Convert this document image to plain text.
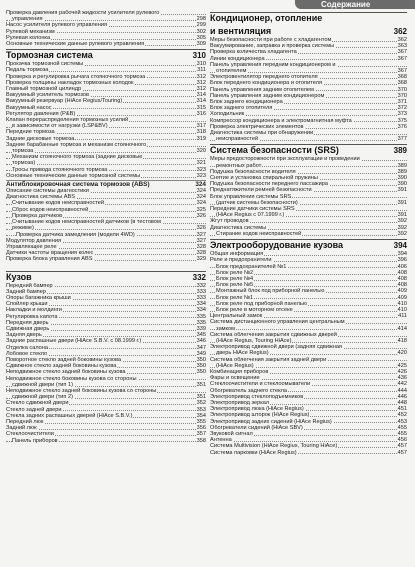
Содержание
Проверка давления рабочей жидкости усилителя рулевого
управления	298
Насос усилителя рулевого управления	299
Рулевой механизм	302
Рулевая колонка	305
Основные технические данные рулевого управления	309
Тормозная система	310
Прокачка тормозной системы	310
Педаль тормоза	311
Проверка и регулировка рычага стояночного тормоза	312
Проверка толщины накладок тормозных колодок	312
Главный тормозной цилиндр	312
Вакуумный усилитель тормозов	314
Вакуумный резервуар (HiAce Regius/Touring)	314
Вакуумный насос	315
Регулятор давления (P&B)	316
Клапан перераспределения тормозных усилий
в зависимости от нагрузки (LSP&BV)	317
Передние тормоза	318
Задние дисковые тормоза	319
Задние барабанные тормоза и механизм стояночного
тормоза	320
Механизм стояночного тормоза (задние дисковые
тормоза)	321
Тросы привода стояночного тормоза	323
Основные технические данные тормозной системы	323
Антиблокировочная система тормозов (ABS)	324
Описание системы диагностики	324
Диагностика системы ABS	324
Считывание кодов неисправностей	324
Сброс кодов неисправностей	325
Проверка датчиков	326
Считывание кодов неисправностей датчиков (в тестовом
режиме)	326
Проверка датчика замедления (модели 4WD)	327
Модулятор давления	327
Управляющее реле	328
Датчики частоты вращения колес	328
Проверка блока управления ABS	329
Кузов	332
Передний бампер	332
Задний бампер	333
Опоры багажника крыши	333
Спойлер крыши	334
Накладки и молдинги	334
Регулировка капота	335
Передняя дверь	335
Сдвижная дверь	339
Задняя дверь	345
Задние распашные двери (HiAce S.B.V. с 08.1999 г.)	346
Отделка салона	347
Лобовое стекло	349
Поворотное стекло задней боковины кузова	350
Сдвижное стекло задней боковины кузова	350
Неподвижное стекло задней боковины кузова	350
Неподвижное стекло боковины кузова со стороны
сдвижной двери (тип 1)	351
Неподвижное стекло задней боковины кузова со стороны
сдвижной двери (тип 2)	351
Стекло сдвижной двери	352
Стекло задней двери	353
Стекла задних распашных дверей (HiAce S.B.V.)	354
Передний люк	355
Задний люк	356
Стеклоочистители	357
Панель приборов	358
Кондиционер, отопление
и вентиляция	362
Меры безопасности при работе с хладагентом	362
Вакуумирование, заправка и проверка системы	363
Проверка количества хладагента	367
Линии кондиционера	367
Панель управления передним кондиционером и
отопителем	367
Электровентилятор переднего отопителя	368
Блок переднего кондиционера и отопителя	368
Панель управления задним отопителем	370
Панель управления задним кондиционером	370
Блок заднего кондиционера	371
Блок заднего отопителя	372
Холодильник	373
Компрессор кондиционера и электромагнитная муфта	375
Проверка электрических элементов	376
Диагностика системы при обнаружении
неисправностей	377
Система безопасности (SRS)	389
Меры предосторожности при эксплуатации и проведении
ремонтных работ	389
Подушка безопасности водителя	389
Снятие и установка спиральной пружины	390
Подушка безопасности переднего пассажира	390
Преднатяжители ремней безопасности	391
Блок управления системы SRS
(датчик системы безопасности)	391
Передние датчики системы SRS
(HiAce Regius с 07.1999 г.)	391
Жгут проводов	392
Диагностика системы	392
Стирание кодов неисправностей	392
Электрооборудование кузова	394
Общая информация	394
Реле и предохранители	396
Блок предохранителей №1	406
Блок реле №2	408
Блок реле №4	408
Блок реле №5	408
Монтажный блок под приборной панелью	409
Блок реле №1	409
Блок реле под приборной панелью	410
Блок реле в моторном отсеке	410
Центральный замок	411
Система дистанционного управления центральным
замком	414
Система облегчения закрытия сдвижных дверей
(HiAce Regius, Touring HiAce)	418
Электропривод сдвижной двери (задняя сдвижная
дверь HiAce Regius)	420
Система облегчения закрытия задней двери
(HiAce Regius)	425
Комбинация приборов	426
Фары и освещение	436
Стеклоочистители и стеклоомыватели	442
Обогреватель заднего стекла	444
Электропривод стеклоподъемников	446
Электропривод зеркал	448
Электропривод люка (HiAce Regius)	451
Электропривод шторок (HiAce Regius)	452
Электропривод задних сидений (HiAce Regius)	453
Обогреватели сидений (HiAce SBV)	455
Звуковой сигнал	455
Антенна	456
Система Multivision (HiAce Regius, Touring HiAce)	457
Система парковки (HiAce Regius)	457
